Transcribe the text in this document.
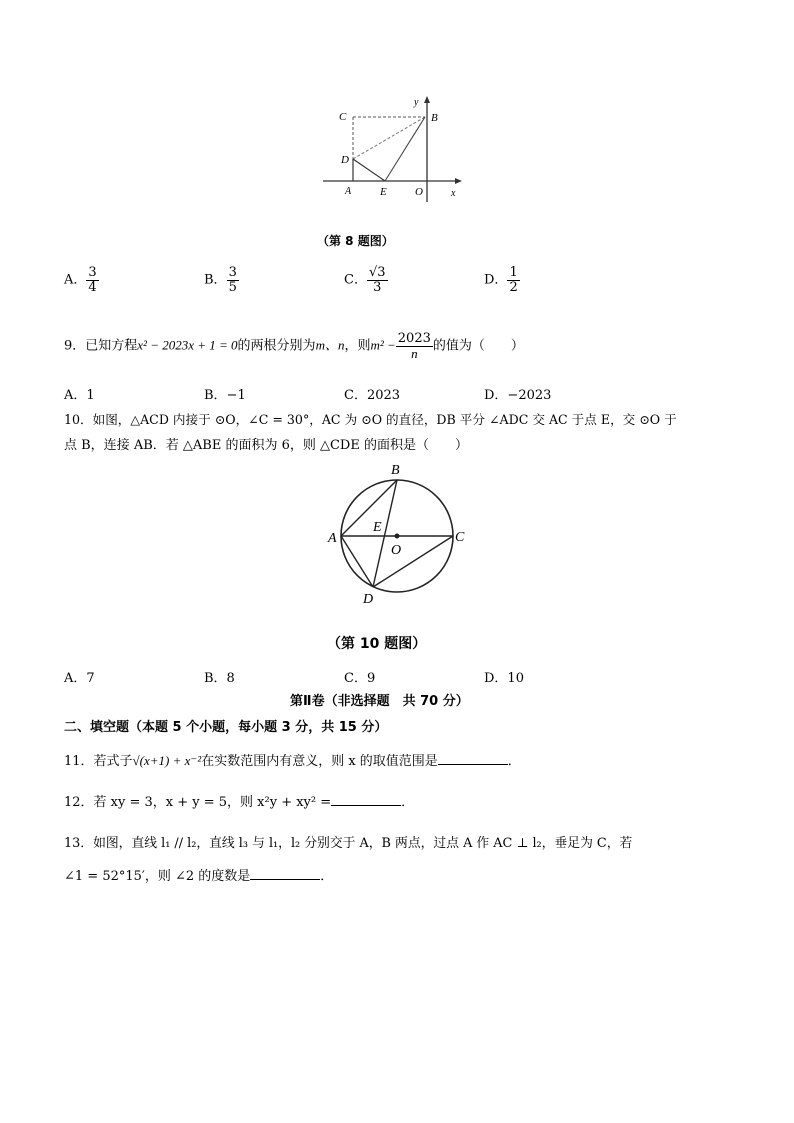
C	B
y
D
A	E	O	x
（第 8 题图）
A． $\frac{3}{4}$	B． $\frac{3}{5}$	C． $\frac{√3}{3}$	D． $\frac{1}{2}$
9．已知方程x² − 2023x + 1 = 0的两根分别为m、n，则$m^2 - \frac{2023}{n}$ 的值为（　　）
A．1	B．−1	C．2023	D．−2023
10．如图，△ACD 内接于 ⊙O，∠C = 30°，AC 为 ⊙O 的直径，DB 平分 ∠ADC 交 AC 于点 E，交 ⊙O 于
点 B，连接 AB．若 △ABE 的面积为 6，则 △CDE 的面积是（　　）
B
E
A
O
C
D
（第 10 题图）
A．7	B．8	C．9	D．10
第Ⅱ卷（非选择题　共 70 分）
二、填空题（本题 5 个小题，每小题 3 分，共 15 分）
11．若式子√(x+1) + x⁻²在实数范围内有意义，则 x 的取值范围是	．
12．若 xy = 3，x + y = 5，则 x²y + xy² =	．
13．如图，直线 l₁ // l₂，直线 l₃ 与 l₁，l₂ 分别交于 A，B 两点，过点 A 作 AC ⊥ l₂，垂足为 C，若
∠1 = 52°15′，则 ∠2 的度数是	．
